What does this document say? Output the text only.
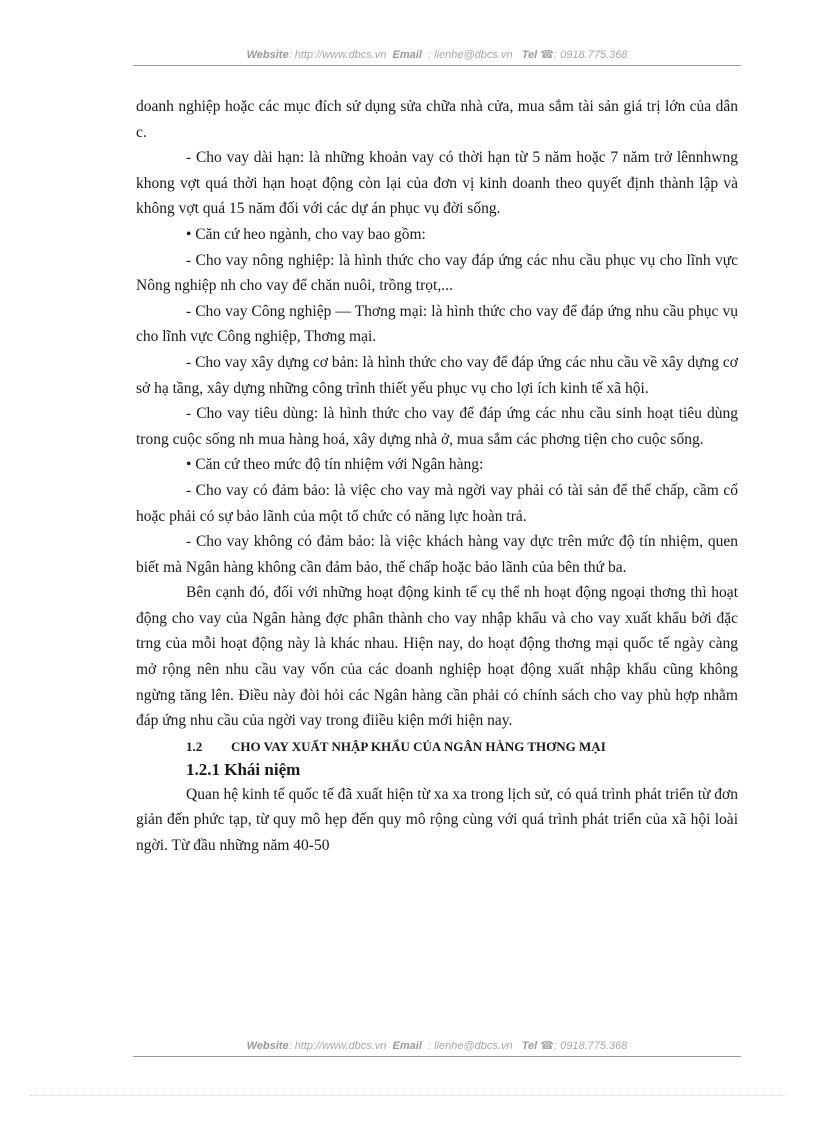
Website: http://www.dbcs.vn Email : lienhe@dbcs.vn Tel ☎: 0918.775.368

doanh nghiệp hoặc các mục đích sử dụng sửa chữa nhà cửa, mua sắm tài sản giá trị lớn của dân c.

- Cho vay dài hạn: là những khoản vay có thời hạn từ 5 năm hoặc 7 năm trở lênnhwng khong vợt quá thời hạn hoạt động còn lại của đơn vị kinh doanh theo quyết định thành lập và không vợt quá 15 năm đối với các dự án phục vụ đời sống.

• Căn cứ heo ngành, cho vay bao gồm:

- Cho vay nông nghiệp: là hình thức cho vay đáp ứng các nhu cầu phục vụ cho lĩnh vực Nông nghiệp nh cho vay để chăn nuôi, trồng trọt,...

- Cho vay Công nghiệp — Thơng mại: là hình thức cho vay để đáp ứng nhu cầu phục vụ cho lĩnh vực Công nghiệp, Thơng mại.

- Cho vay xây dựng cơ bản: là hình thức cho vay để đáp ứng các nhu cầu về xây dựng cơ sở hạ tầng, xây dựng những công trình thiết yếu phục vụ cho lợi ích kinh tế xã hội.

- Cho vay tiêu dùng: là hình thức cho vay để đáp ứng các nhu cầu sinh hoạt tiêu dùng trong cuộc sống nh mua hàng hoá, xây dựng nhà ở, mua sắm các phơng tiện cho cuộc sống.

• Căn cứ theo mức độ tín nhiệm với Ngân hàng:

- Cho vay có đảm bảo: là việc cho vay mà ngời vay phải có tài sản để thế chấp, cầm cố hoặc phải có sự bảo lãnh của một tổ chức có năng lực hoàn trả.

- Cho vay không có đảm bảo: là việc khách hàng vay dực trên mức độ tín nhiệm, quen biết mà Ngân hàng không cần đảm bảo, thế chấp hoặc bảo lãnh của bên thứ ba.

Bên cạnh đó, đối với những hoạt động kinh tế cụ thể nh hoạt động ngoại thơng thì hoạt động cho vay của Ngân hàng đợc phân thành cho vay nhập khẩu và cho vay xuất khẩu bởi đặc trng của mỗi hoạt động này là khác nhau. Hiện nay, do hoạt động thơng mại quốc tế ngày càng mở rộng nên nhu cầu vay vốn của các doanh nghiệp hoạt động xuất nhập khẩu cũng không ngừng tăng lên. Điều này đòi hỏi các Ngân hàng cần phải có chính sách cho vay phù hợp nhằm đáp ứng nhu cầu của ngời vay trong điiều kiện mới hiện nay.

1.2 CHO VAY XUẤT NHẬP KHẨU CỦA NGÂN HÀNG THƠNG MẠI
1.2.1 Khái niệm

Quan hệ kinh tế quốc tế đã xuất hiện từ xa xa trong lịch sử, có quá trình phát triển từ đơn giản đến phức tạp, từ quy mô hẹp đến quy mô rộng cùng với quá trình phát triển của xã hội loài ngời. Từ đầu những năm 40-50

Website: http://www.dbcs.vn Email : lienhe@dbcs.vn Tel ☎: 0918.775.368
